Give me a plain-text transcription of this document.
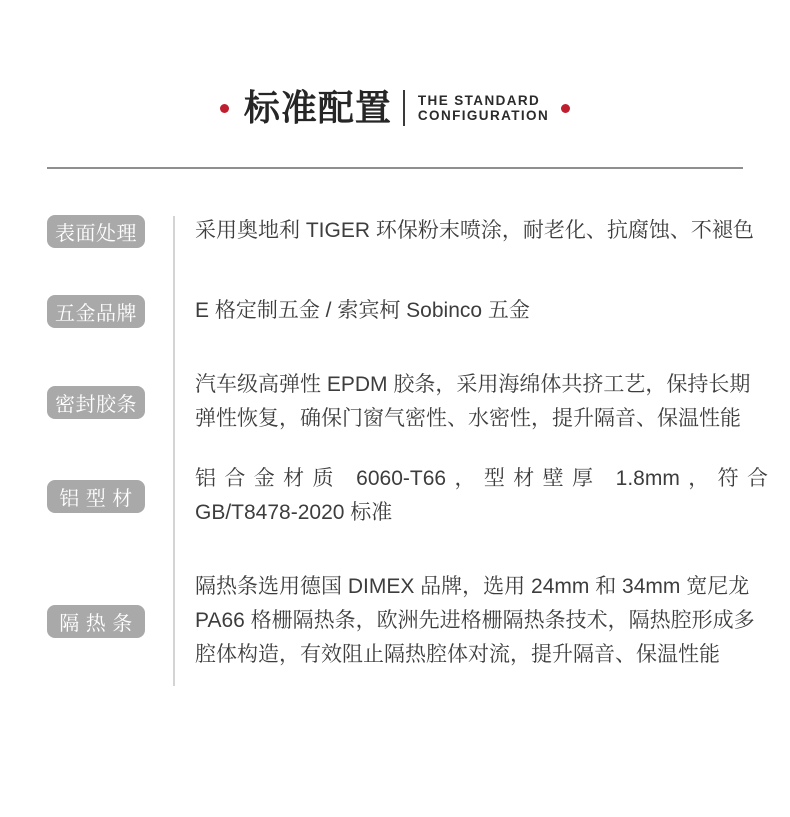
标准配置 THE STANDARD
CONFIGURATION
表面处理	采用奥地利 TIGER 环保粉末喷涂，耐老化、抗腐蚀、不褪色
五金品牌	E 格定制五金 / 索宾柯 Sobinco 五金
密封胶条
汽车级高弹性 EPDM 胶条，采用海绵体共挤工艺，保持长期
弹性恢复，确保门窗气密性、水密性，提升隔音、保温性能
铝 型 材
铝合金材质 6060-T66，型材壁厚 1.8mm，符合
GB/T8478-2020 标准
隔 热 条
隔热条选用德国 DIMEX 品牌，选用 24mm 和 34mm 宽尼龙
PA66 格栅隔热条，欧洲先进格栅隔热条技术，隔热腔形成多
腔体构造，有效阻止隔热腔体对流，提升隔音、保温性能
